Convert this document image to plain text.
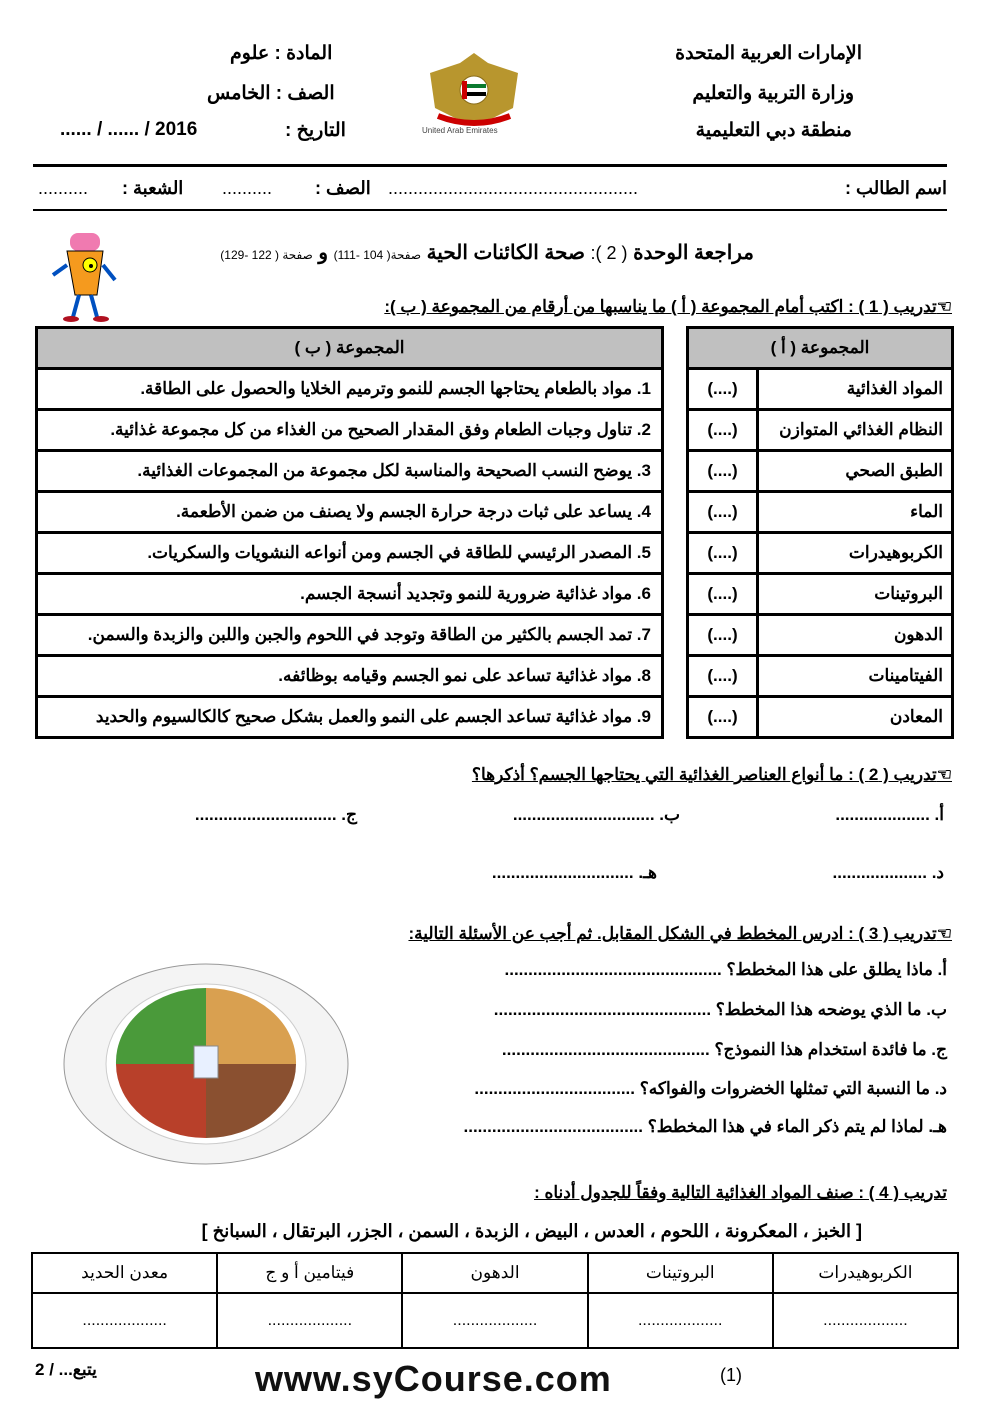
الإمارات العربية المتحدة
وزارة التربية والتعليم
منطقة دبي التعليمية
United Arab Emirates
المادة : علوم
الصف : الخامس
التاريخ :
...... / ...... / 2016
اسم الطالب :
..................................................
الصف :
..........
الشعبة :
..........
مراجعة الوحدة ( 2 ): صحة الكائنات الحية صفحة( 104 -111) و صفحة ( 122 -129)
☜تدريب ( 1 ) : اكتب أمام المجموعة ( أ ) ما يناسبها من أرقام من المجموعة ( ب ):
المجموعة ( ب )
1. مواد بالطعام يحتاجها الجسم للنمو وترميم الخلايا والحصول على الطاقة.
2. تناول وجبات الطعام وفق المقدار الصحيح من الغذاء من كل مجموعة غذائية.
3. يوضح النسب الصحيحة والمناسبة لكل مجموعة من المجموعات الغذائية.
4. يساعد على ثبات درجة حرارة الجسم ولا يصنف من ضمن الأطعمة.
5. المصدر الرئيسي للطاقة في الجسم ومن أنواعه النشويات والسكريات.
6. مواد غذائية ضرورية للنمو وتجديد أنسجة الجسم.
7. تمد الجسم بالكثير من الطاقة وتوجد في اللحوم والجبن واللبن والزبدة والسمن.
8. مواد غذائية تساعد على نمو الجسم وقيامه بوظائفه.
9. مواد غذائية تساعد الجسم على النمو والعمل بشكل صحيح كالكالسيوم والحديد
المجموعة ( أ )	
(....)	المواد الغذائية
(....)	النظام الغذائي المتوازن
(....)	الطبق الصحي
(....)	الماء
(....)	الكربوهيدرات
(....)	البروتينات
(....)	الدهون
(....)	الفيتامينات
(....)	المعادن
☜تدريب ( 2 ) : ما أنواع العناصر الغذائية التي يحتاجها الجسم؟ أذكرها؟
أ. ....................
ب. ..............................
ج. ..............................
د. ....................
هـ. ..............................
☜تدريب ( 3 ) : ادرس المخطط في الشكل المقابل. ثم أجب عن الأسئلة التالية:
أ. ماذا يطلق على هذا المخطط؟ ..............................................
ب. ما الذي يوضحه هذا المخطط؟ ..............................................
ج. ما فائدة استخدام هذا النموذج؟ ............................................
د. ما النسبة التي تمثلها الخضروات والفواكه؟ ..................................
هـ. لماذا لم يتم ذكر الماء في هذا المخطط؟ ......................................
تدريب ( 4 ) : صنف المواد الغذائية التالية وفقاً للجدول أدناه :
[ الخبز ، المعكرونة ، اللحوم ، العدس ، البيض ، الزبدة ، السمن ، الجزر، البرتقال ، السبانخ ]
الكربوهيدرات	البروتينات	الدهون	فيتامين أ و ج	معدن الحديد
...................	...................	...................	...................	...................
يتبع... / 2	(1)
www.syCourse.com
